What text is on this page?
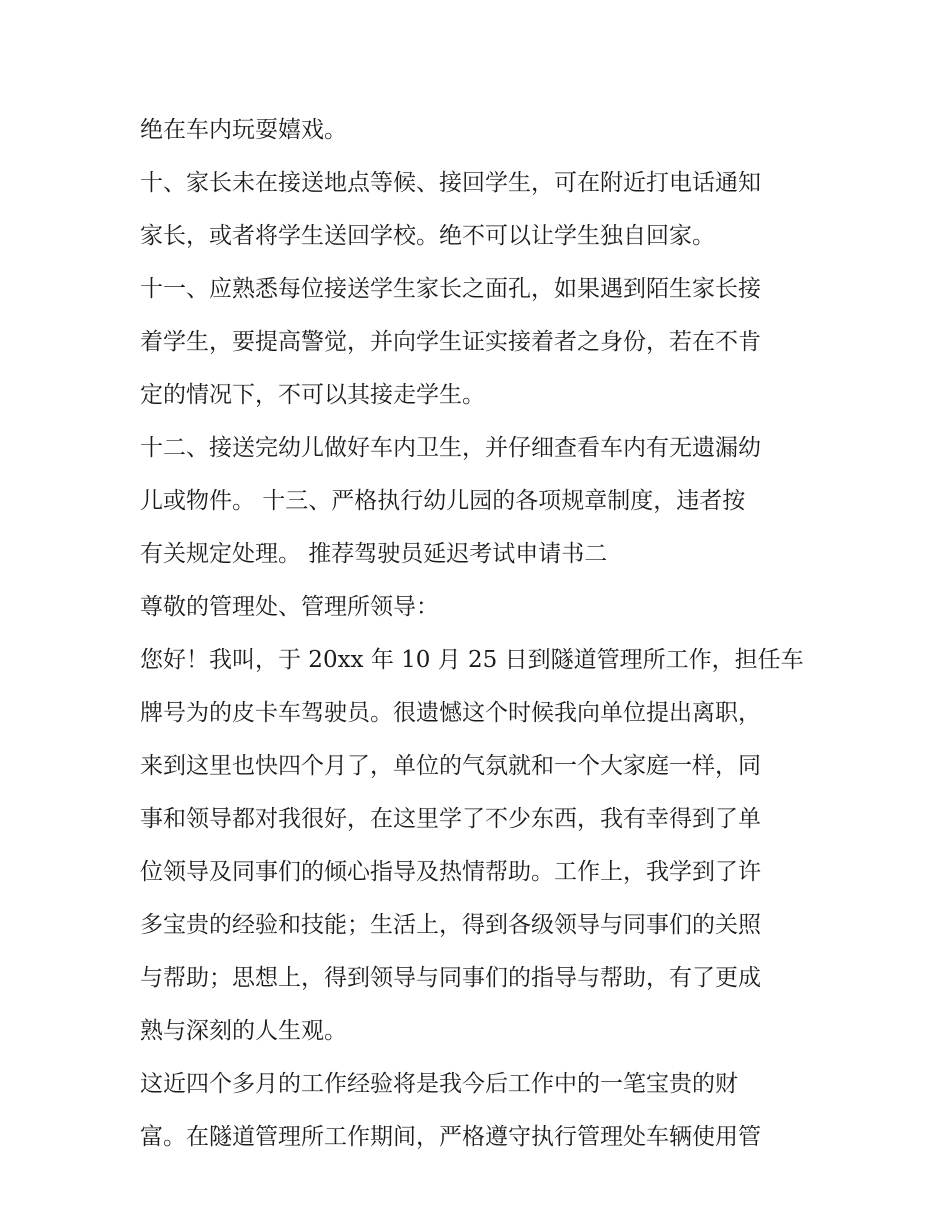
绝在车内玩耍嬉戏。
十、家长未在接送地点等候、接回学生，可在附近打电话通知
家长，或者将学生送回学校。绝不可以让学生独自回家。
十一、应熟悉每位接送学生家长之面孔，如果遇到陌生家长接
着学生，要提高警觉，并向学生证实接着者之身份，若在不肯
定的情况下，不可以其接走学生。
十二、接送完幼儿做好车内卫生，并仔细查看车内有无遗漏幼
儿或物件。 十三、严格执行幼儿园的各项规章制度，违者按
有关规定处理。 推荐驾驶员延迟考试申请书二
尊敬的管理处、管理所领导：
您好！我叫，于 20xx 年 10 月 25 日到隧道管理所工作，担任车
牌号为的皮卡车驾驶员。很遗憾这个时候我向单位提出离职，
来到这里也快四个月了，单位的气氛就和一个大家庭一样，同
事和领导都对我很好，在这里学了不少东西，我有幸得到了单
位领导及同事们的倾心指导及热情帮助。工作上，我学到了许
多宝贵的经验和技能；生活上，得到各级领导与同事们的关照
与帮助；思想上，得到领导与同事们的指导与帮助，有了更成
熟与深刻的人生观。
这近四个多月的工作经验将是我今后工作中的一笔宝贵的财
富。在隧道管理所工作期间，严格遵守执行管理处车辆使用管
